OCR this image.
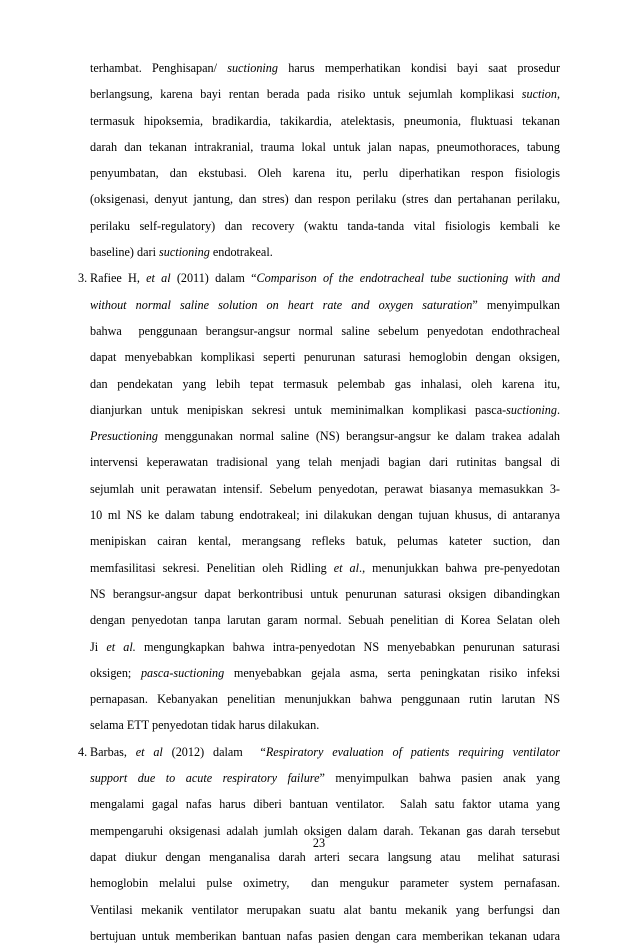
terhambat. Penghisapan/ suctioning harus memperhatikan kondisi bayi saat prosedur
berlangsung, karena bayi rentan berada pada risiko untuk sejumlah komplikasi suction,
termasuk hipoksemia, bradikardia, takikardia, atelektasis, pneumonia, fluktuasi tekanan
darah dan tekanan intrakranial, trauma lokal untuk jalan napas, pneumothoraces, tabung
penyumbatan, dan ekstubasi. Oleh karena itu, perlu diperhatikan respon fisiologis
(oksigenasi, denyut jantung, dan stres) dan respon perilaku (stres dan pertahanan perilaku,
perilaku self-regulatory) dan recovery (waktu tanda-tanda vital fisiologis kembali ke
baseline) dari suctioning endotrakeal.
3. Rafiee H, et al (2011) dalam “Comparison of the endotracheal tube suctioning with and
without normal saline solution on heart rate and oxygen saturation” menyimpulkan
bahwa  penggunaan berangsur-angsur normal saline sebelum penyedotan endothracheal
dapat menyebabkan komplikasi seperti penurunan saturasi hemoglobin dengan oksigen,
dan pendekatan yang lebih tepat termasuk pelembab gas inhalasi, oleh karena itu,
dianjurkan untuk menipiskan sekresi untuk meminimalkan komplikasi pasca-suctioning.
Presuctioning menggunakan normal saline (NS) berangsur-angsur ke dalam trakea adalah
intervensi keperawatan tradisional yang telah menjadi bagian dari rutinitas bangsal di
sejumlah unit perawatan intensif. Sebelum penyedotan, perawat biasanya memasukkan 3-
10 ml NS ke dalam tabung endotrakeal; ini dilakukan dengan tujuan khusus, di antaranya
menipiskan cairan kental, merangsang refleks batuk, pelumas kateter suction, dan
memfasilitasi sekresi. Penelitian oleh Ridling et al., menunjukkan bahwa pre-penyedotan
NS berangsur-angsur dapat berkontribusi untuk penurunan saturasi oksigen dibandingkan
dengan penyedotan tanpa larutan garam normal. Sebuah penelitian di Korea Selatan oleh
Ji et al. mengungkapkan bahwa intra-penyedotan NS menyebabkan penurunan saturasi
oksigen; pasca-suctioning menyebabkan gejala asma, serta peningkatan risiko infeksi
pernapasan. Kebanyakan penelitian menunjukkan bahwa penggunaan rutin larutan NS
selama ETT penyedotan tidak harus dilakukan.
4. Barbas, et al (2012) dalam  “Respiratory evaluation of patients requiring ventilator
support due to acute respiratory failure” menyimpulkan bahwa pasien anak yang
mengalami gagal nafas harus diberi bantuan ventilator.  Salah satu faktor utama yang
mempengaruhi oksigenasi adalah jumlah oksigen dalam darah. Tekanan gas darah tersebut
dapat diukur dengan menganalisa darah arteri secara langsung atau  melihat saturasi
hemoglobin melalui pulse oximetry,  dan mengukur parameter system pernafasan.
Ventilasi mekanik ventilator merupakan suatu alat bantu mekanik yang berfungsi dan
bertujuan untuk memberikan bantuan nafas pasien dengan cara memberikan tekanan udara
23
